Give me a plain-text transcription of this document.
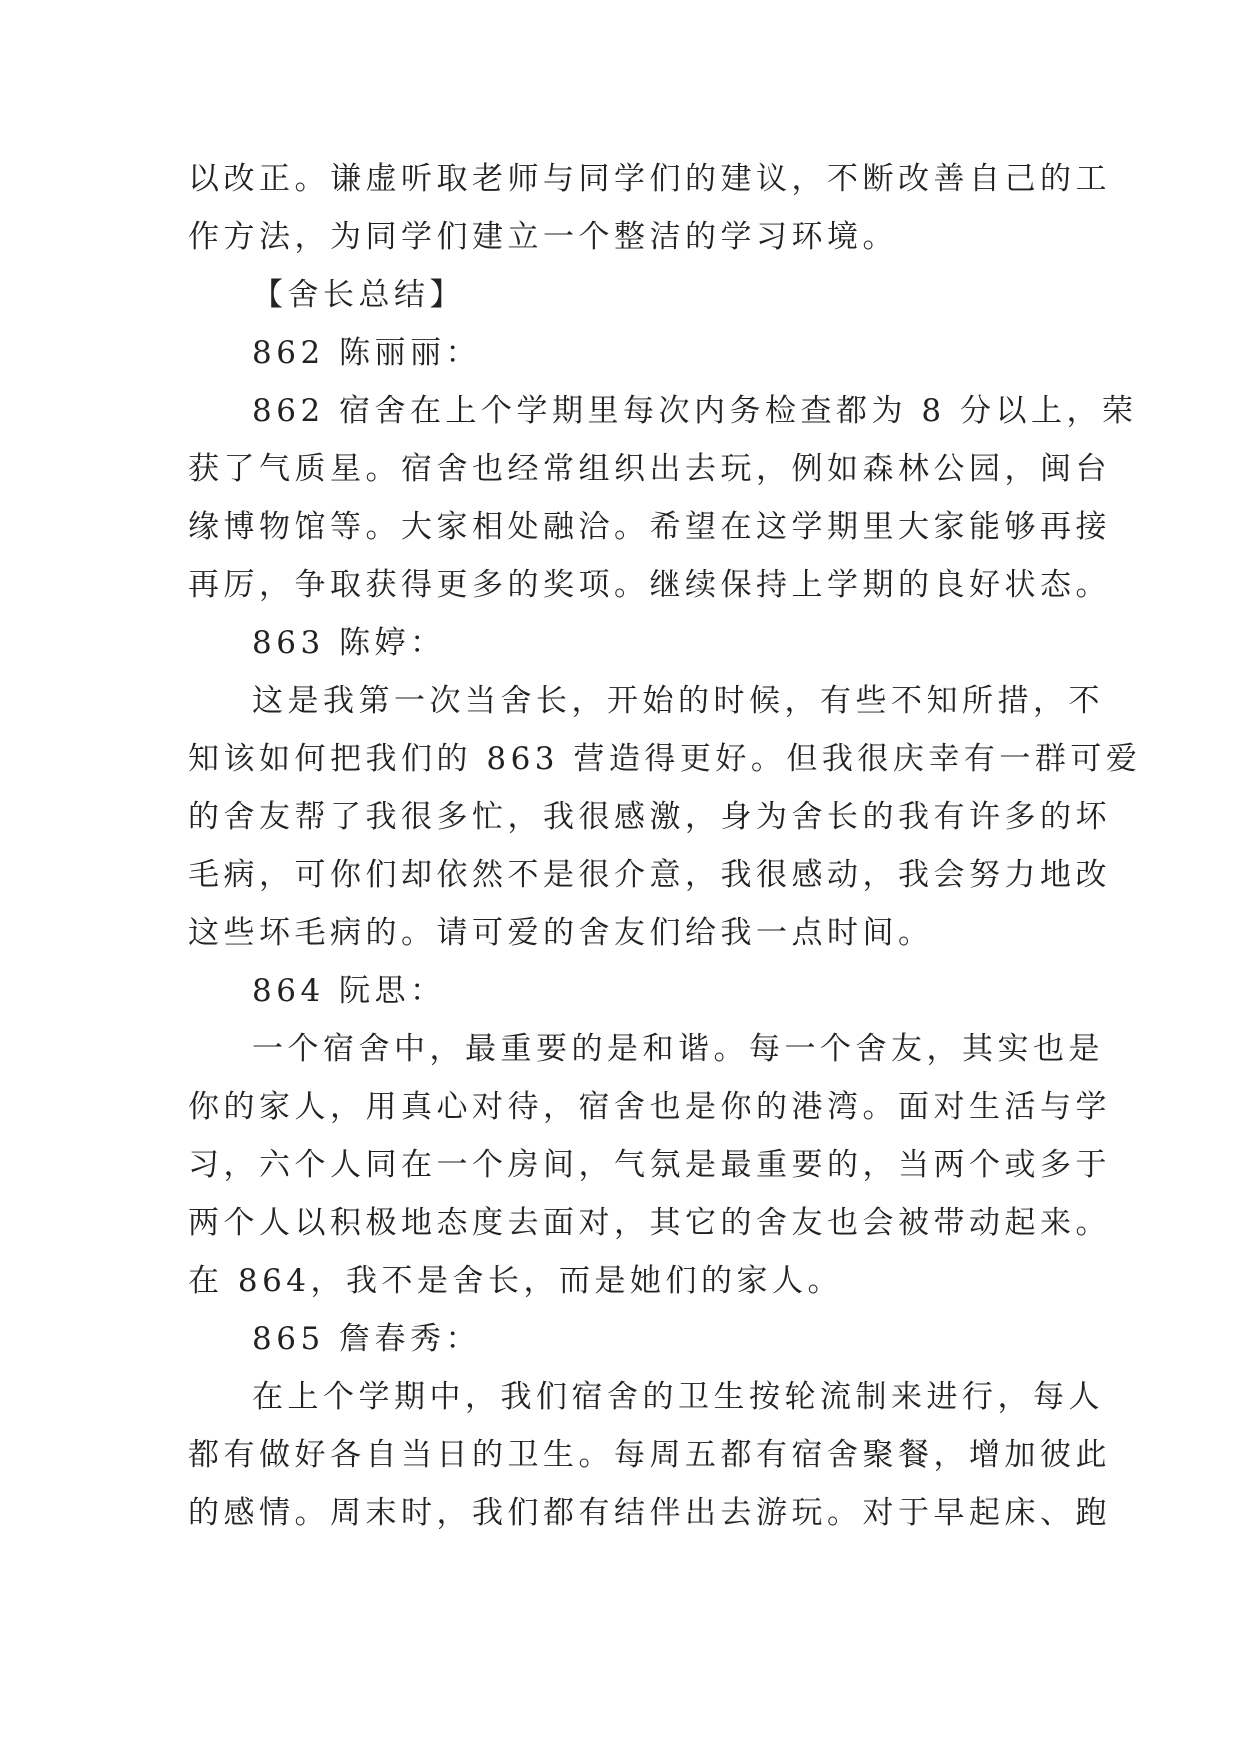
以改正。谦虚听取老师与同学们的建议，不断改善自己的工

作方法，为同学们建立一个整洁的学习环境。

【舍长总结】

862 陈丽丽：

862 宿舍在上个学期里每次内务检查都为 8 分以上，荣

获了气质星。宿舍也经常组织出去玩，例如森林公园，闽台

缘博物馆等。大家相处融洽。希望在这学期里大家能够再接

再厉，争取获得更多的奖项。继续保持上学期的良好状态。

863 陈婷：

这是我第一次当舍长，开始的时候，有些不知所措，不

知该如何把我们的 863 营造得更好。但我很庆幸有一群可爱

的舍友帮了我很多忙，我很感激，身为舍长的我有许多的坏

毛病，可你们却依然不是很介意，我很感动，我会努力地改

这些坏毛病的。请可爱的舍友们给我一点时间。

864 阮思：

一个宿舍中，最重要的是和谐。每一个舍友，其实也是

你的家人，用真心对待，宿舍也是你的港湾。面对生活与学

习，六个人同在一个房间，气氛是最重要的，当两个或多于

两个人以积极地态度去面对，其它的舍友也会被带动起来。

在 864，我不是舍长，而是她们的家人。

865 詹春秀：

在上个学期中，我们宿舍的卫生按轮流制来进行，每人

都有做好各自当日的卫生。每周五都有宿舍聚餐，增加彼此

的感情。周末时，我们都有结伴出去游玩。对于早起床、跑
